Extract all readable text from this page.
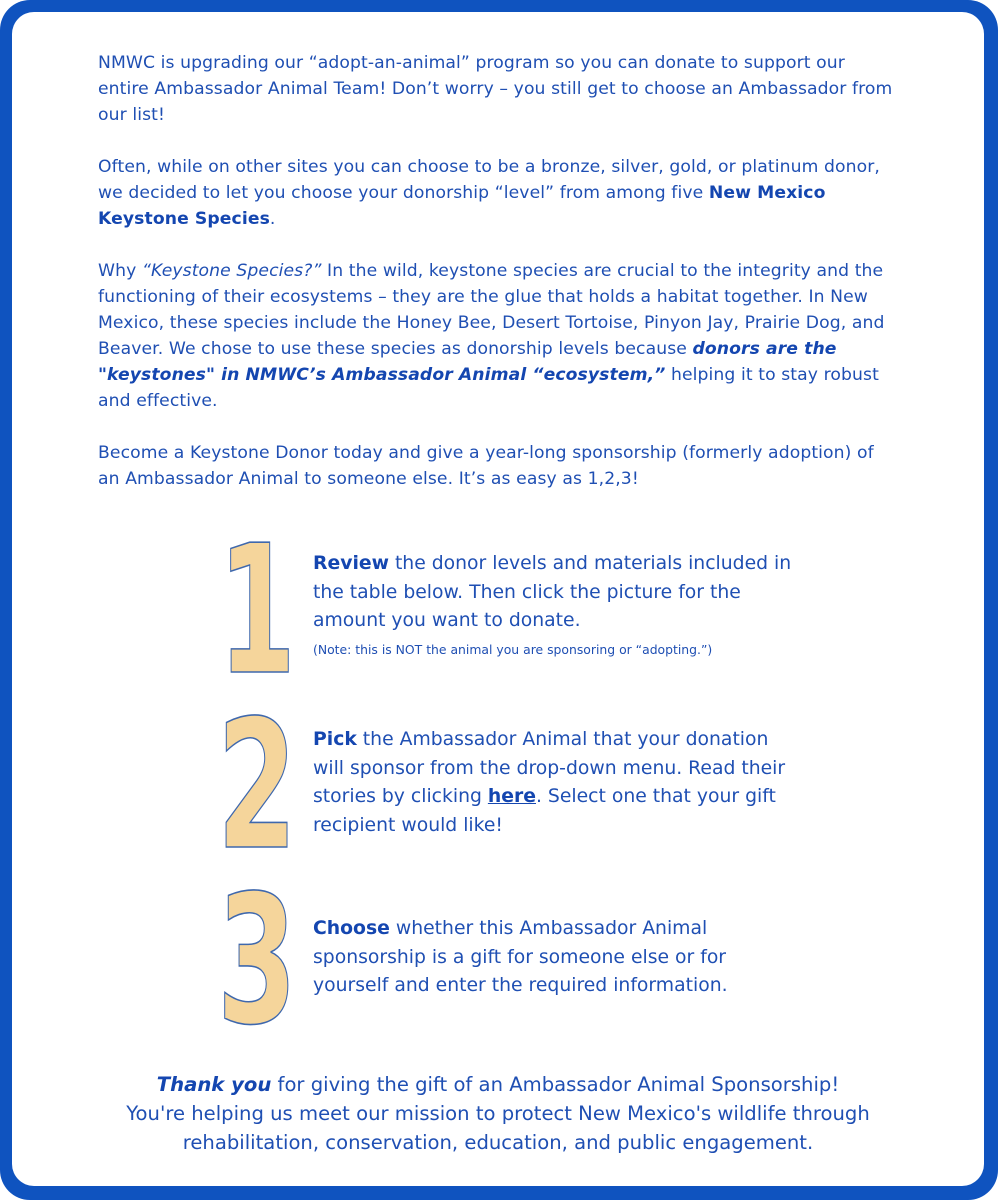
NMWC is upgrading our “adopt-an-animal” program so you can donate to support our entire Ambassador Animal Team! Don’t worry – you still get to choose an Ambassador from our list!

Often, while on other sites you can choose to be a bronze, silver, gold, or platinum donor, we decided to let you choose your donorship “level” from among five New Mexico Keystone Species.

Why “Keystone Species?” In the wild, keystone species are crucial to the integrity and the functioning of their ecosystems – they are the glue that holds a habitat together. In New Mexico, these species include the Honey Bee, Desert Tortoise, Pinyon Jay, Prairie Dog, and Beaver. We chose to use these species as donorship levels because donors are the "keystones" in NMWC’s Ambassador Animal “ecosystem,” helping it to stay robust and effective.

Become a Keystone Donor today and give a year-long sponsorship (formerly adoption) of an Ambassador Animal to someone else. It’s as easy as 1,2,3!

1 Review the donor levels and materials included in the table below. Then click the picture for the amount you want to donate.
(Note: this is NOT the animal you are sponsoring or “adopting.”)
2 Pick the Ambassador Animal that your donation will sponsor from the drop-down menu. Read their stories by clicking here. Select one that your gift recipient would like!
3 Choose whether this Ambassador Animal sponsorship is a gift for someone else or for yourself and enter the required information.
Thank you for giving the gift of an Ambassador Animal Sponsorship!
You're helping us meet our mission to protect New Mexico's wildlife through rehabilitation, conservation, education, and public engagement.
